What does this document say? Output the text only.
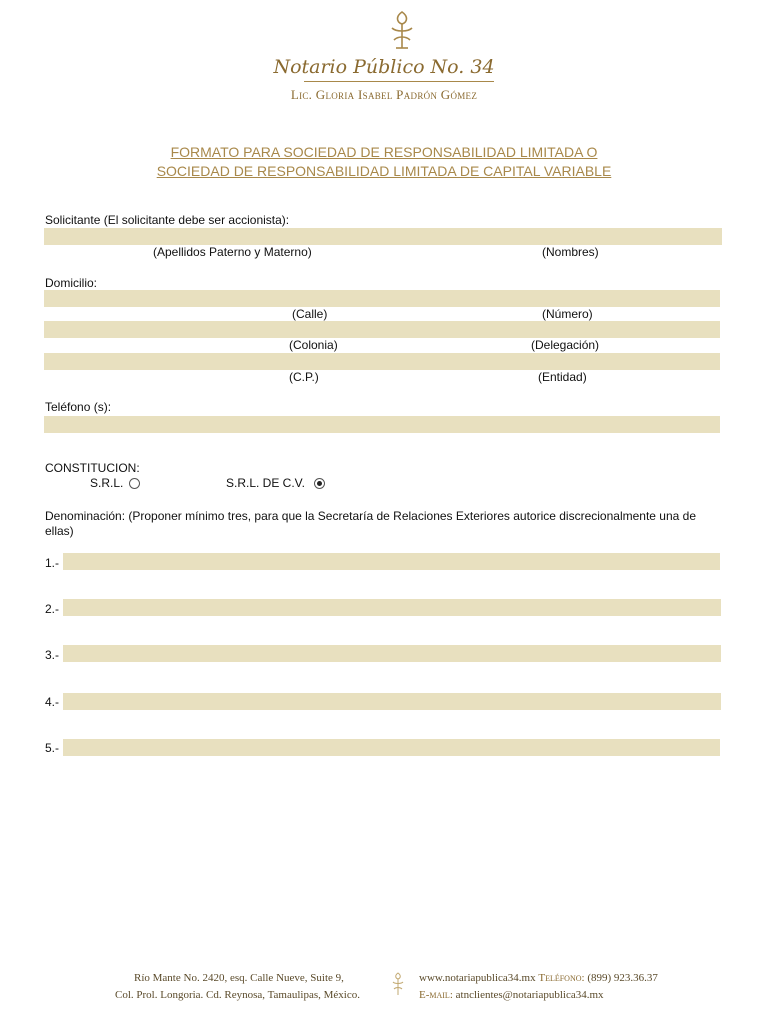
Notario Público No. 34
Lic. Gloria Isabel Padrón Gómez
FORMATO PARA SOCIEDAD DE RESPONSABILIDAD LIMITADA O
SOCIEDAD DE RESPONSABILIDAD LIMITADA DE CAPITAL VARIABLE
Solicitante (El solicitante debe ser accionista):
(Apellidos Paterno y Materno)	(Nombres)
Domicilio:
(Calle)	(Número)
(Colonia)	(Delegación)
(C.P.)	(Entidad)
Teléfono (s):
CONSTITUCION:
S.R.L.	S.R.L. DE C.V.
Denominación: (Proponer mínimo tres, para que la Secretaría de Relaciones Exteriores autorice discrecionalmente una de
ellas)
1.-
2.-
3.-
4.-
5.-
Río Mante No. 2420, esq. Calle Nueve, Suite 9,
Col. Prol. Longoria. Cd. Reynosa, Tamaulipas, México.
www.notariapublica34.mx Teléfono: (899) 923.36.37
E-mail: atnclientes@notariapublica34.mx
